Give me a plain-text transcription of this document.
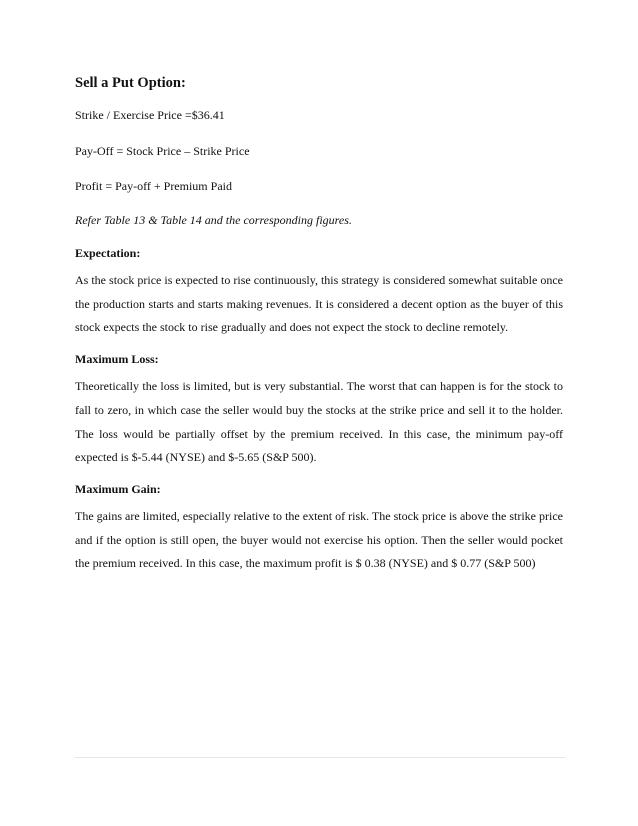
Sell a Put Option:
Strike / Exercise Price =$36.41
Pay-Off = Stock Price – Strike Price
Profit = Pay-off + Premium Paid
Refer Table 13 & Table 14 and the corresponding figures.
Expectation:

As the stock price is expected to rise continuously, this strategy is considered somewhat suitable once the production starts and starts making revenues. It is considered a decent option as the buyer of this stock expects the stock to rise gradually and does not expect the stock to decline remotely.

Maximum Loss:

Theoretically the loss is limited, but is very substantial. The worst that can happen is for the stock to fall to zero, in which case the seller would buy the stocks at the strike price and sell it to the holder. The loss would be partially offset by the premium received. In this case, the minimum pay-off expected is $-5.44 (NYSE) and $-5.65 (S&P 500).

Maximum Gain:

The gains are limited, especially relative to the extent of risk. The stock price is above the strike price and if the option is still open, the buyer would not exercise his option. Then the seller would pocket the premium received. In this case, the maximum profit is $ 0.38 (NYSE) and $ 0.77 (S&P 500)
